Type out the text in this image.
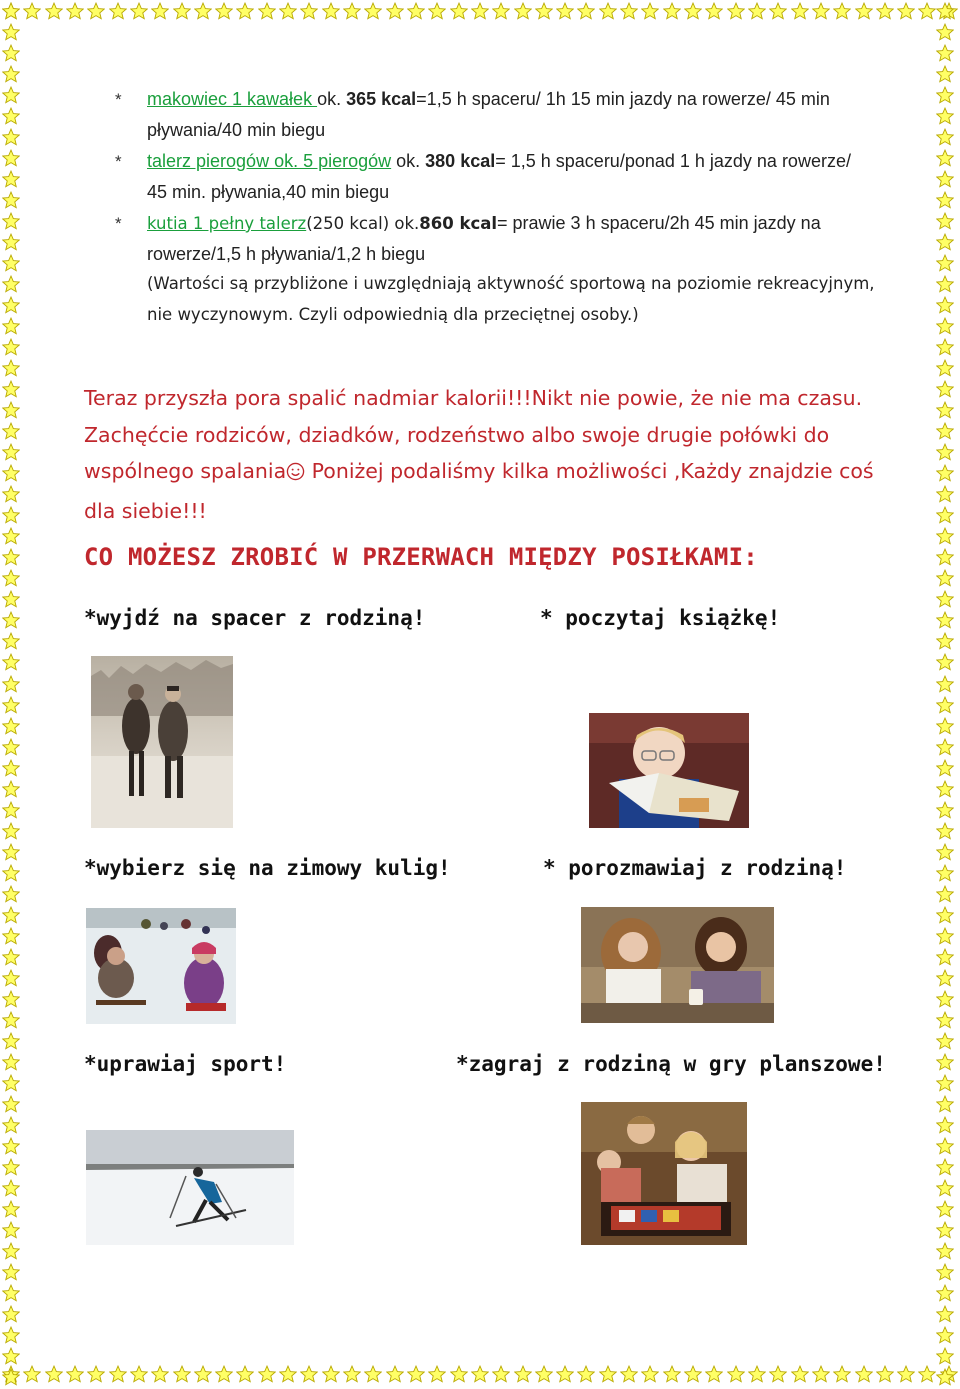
* makowiec 1 kawałek ok. 365 kcal=1,5 h spaceru/ 1h 15 min jazdy na rowerze/ 45 min pływania/40 min biegu
* talerz pierogów ok. 5 pierogów ok. 380 kcal= 1,5 h spaceru/ponad 1 h jazdy na rowerze/ 45 min. pływania,40 min biegu
* kutia 1 pełny talerz(250 kcal) ok.860 kcal= prawie 3 h spaceru/2h 45 min jazdy na rowerze/1,5 h pływania/1,2 h biegu

(Wartości są przybliżone i uwzględniają aktywność sportową na poziomie rekreacyjnym, nie wyczynowym. Czyli odpowiednią dla przeciętnej osoby.)

Teraz przyszła pora spalić nadmiar kalorii!!!Nikt nie powie, że nie ma czasu. Zachęćcie rodziców, dziadków, rodzeństwo albo swoje drugie połówki do wspólnego spalania Poniżej podaliśmy kilka możliwości ,Każdy znajdzie coś dla siebie!!!

CO MOŻESZ ZROBIĆ W PRZERWACH MIĘDZY POSIŁKAMI:
*wyjdź na spacer z rodziną!	* poczytaj książkę!
*wybierz się na zimowy kulig!	* porozmawiaj z rodziną!
*uprawiaj sport!	*zagraj z rodziną w gry planszowe!
